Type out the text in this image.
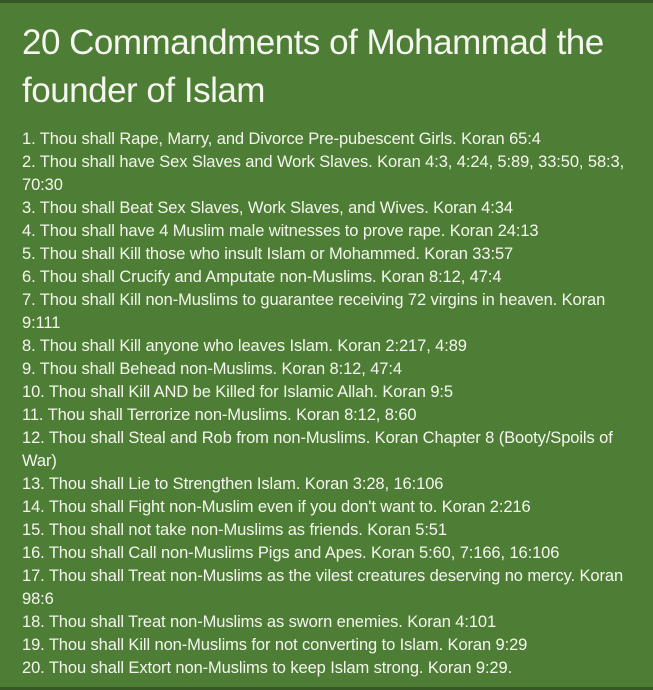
20 Commandments of Mohammad the founder of Islam

1. Thou shall Rape, Marry, and Divorce Pre-pubescent Girls. Koran 65:4

2. Thou shall have Sex Slaves and Work Slaves. Koran 4:3, 4:24, 5:89, 33:50, 58:3, 70:30

3. Thou shall Beat Sex Slaves, Work Slaves, and Wives. Koran 4:34

4. Thou shall have 4 Muslim male witnesses to prove rape. Koran 24:13

5. Thou shall Kill those who insult Islam or Mohammed. Koran 33:57

6. Thou shall Crucify and Amputate non-Muslims. Koran 8:12, 47:4

7. Thou shall Kill non-Muslims to guarantee receiving 72 virgins in heaven. Koran 9:111

8. Thou shall Kill anyone who leaves Islam. Koran 2:217, 4:89

9. Thou shall Behead non-Muslims. Koran 8:12, 47:4

10. Thou shall Kill AND be Killed for Islamic Allah. Koran 9:5

11. Thou shall Terrorize non-Muslims. Koran 8:12, 8:60

12. Thou shall Steal and Rob from non-Muslims. Koran Chapter 8 (Booty/Spoils of War)

13. Thou shall Lie to Strengthen Islam. Koran 3:28, 16:106

14. Thou shall Fight non-Muslim even if you don't want to. Koran 2:216

15. Thou shall not take non-Muslims as friends. Koran 5:51

16. Thou shall Call non-Muslims Pigs and Apes. Koran 5:60, 7:166, 16:106

17. Thou shall Treat non-Muslims as the vilest creatures deserving no mercy. Koran 98:6

18. Thou shall Treat non-Muslims as sworn enemies. Koran 4:101

19. Thou shall Kill non-Muslims for not converting to Islam. Koran 9:29

20. Thou shall Extort non-Muslims to keep Islam strong. Koran 9:29.
